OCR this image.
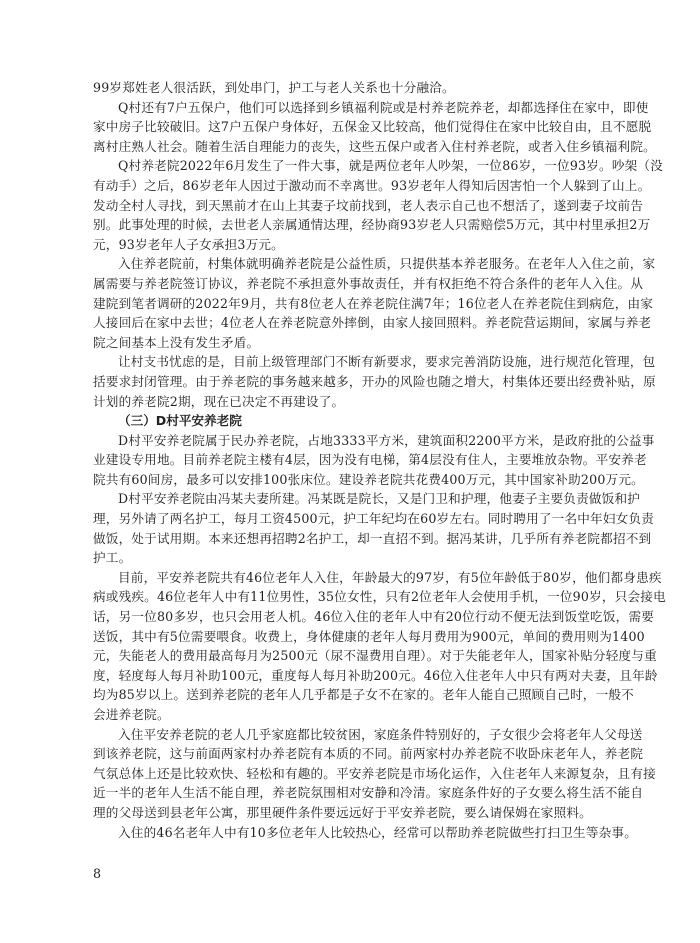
99岁郑姓老人很活跃，到处串门，护工与老人关系也十分融洽。
Q村还有7户五保户，他们可以选择到乡镇福利院或是村养老院养老，却都选择住在家中，即使
家中房子比较破旧。这7户五保户身体好，五保金又比较高，他们觉得住在家中比较自由，且不愿脱
离村庄熟人社会。随着生活自理能力的丧失，这些五保户或者入住村养老院，或者入住乡镇福利院。
Q村养老院2022年6月发生了一件大事，就是两位老年人吵架，一位86岁，一位93岁。吵架（没
有动手）之后，86岁老年人因过于激动而不幸离世。93岁老年人得知后因害怕一个人躲到了山上。
发动全村人寻找，到天黑前才在山上其妻子坟前找到，老人表示自己也不想活了，遂到妻子坟前告
别。此事处理的时候，去世老人亲属通情达理，经协商93岁老人只需赔偿5万元，其中村里承担2万
元，93岁老年人子女承担3万元。
入住养老院前，村集体就明确养老院是公益性质，只提供基本养老服务。在老年人入住之前，家
属需要与养老院签订协议，养老院不承担意外事故责任，并有权拒绝不符合条件的老年人入住。从
建院到笔者调研的2022年9月，共有8位老人在养老院住满7年；16位老人在养老院住到病危，由家
人接回后在家中去世；4位老人在养老院意外摔倒，由家人接回照料。养老院营运期间，家属与养老
院之间基本上没有发生矛盾。
让村支书忧虑的是，目前上级管理部门不断有新要求，要求完善消防设施，进行规范化管理，包
括要求封闭管理。由于养老院的事务越来越多，开办的风险也随之增大，村集体还要出经费补贴，原
计划的养老院2期，现在已决定不再建设了。
（三）D村平安养老院
D村平安养老院属于民办养老院，占地3333平方米，建筑面积2200平方米，是政府批的公益事
业建设专用地。目前养老院主楼有4层，因为没有电梯，第4层没有住人，主要堆放杂物。平安养老
院共有60间房，最多可以安排100张床位。建设养老院共花费400万元，其中国家补助200万元。
D村平安养老院由冯某夫妻所建。冯某既是院长，又是门卫和护理，他妻子主要负责做饭和护
理，另外请了两名护工，每月工资4500元，护工年纪均在60岁左右。同时聘用了一名中年妇女负责
做饭，处于试用期。本来还想再招聘2名护工，却一直招不到。据冯某讲，几乎所有养老院都招不到
护工。
目前，平安养老院共有46位老年人入住，年龄最大的97岁，有5位年龄低于80岁，他们都身患疾
病或残疾。46位老年人中有11位男性，35位女性，只有2位老年人会使用手机，一位90岁，只会接电
话，另一位80多岁，也只会用老人机。46位入住的老年人中有20位行动不便无法到饭堂吃饭，需要
送饭，其中有5位需要喂食。收费上，身体健康的老年人每月费用为900元，单间的费用则为1400
元，失能老人的费用最高每月为2500元（尿不湿费用自理）。对于失能老年人，国家补贴分轻度与重
度，轻度每人每月补助100元，重度每人每月补助200元。46位入住老年人中只有两对夫妻，且年龄
均为85岁以上。送到养老院的老年人几乎都是子女不在家的。老年人能自己照顾自己时，一般不
会进养老院。
入住平安养老院的老人几乎家庭都比较贫困，家庭条件特别好的，子女很少会将老年人父母送
到该养老院，这与前面两家村办养老院有本质的不同。前两家村办养老院不收卧床老年人，养老院
气氛总体上还是比较欢快、轻松和有趣的。平安养老院是市场化运作，入住老年人来源复杂，且有接
近一半的老年人生活不能自理，养老院氛围相对安静和冷清。家庭条件好的子女要么将生活不能自
理的父母送到县老年公寓，那里硬件条件要远远好于平安养老院，要么请保姆在家照料。
入住的46名老年人中有10多位老年人比较热心，经常可以帮助养老院做些打扫卫生等杂事。
8
